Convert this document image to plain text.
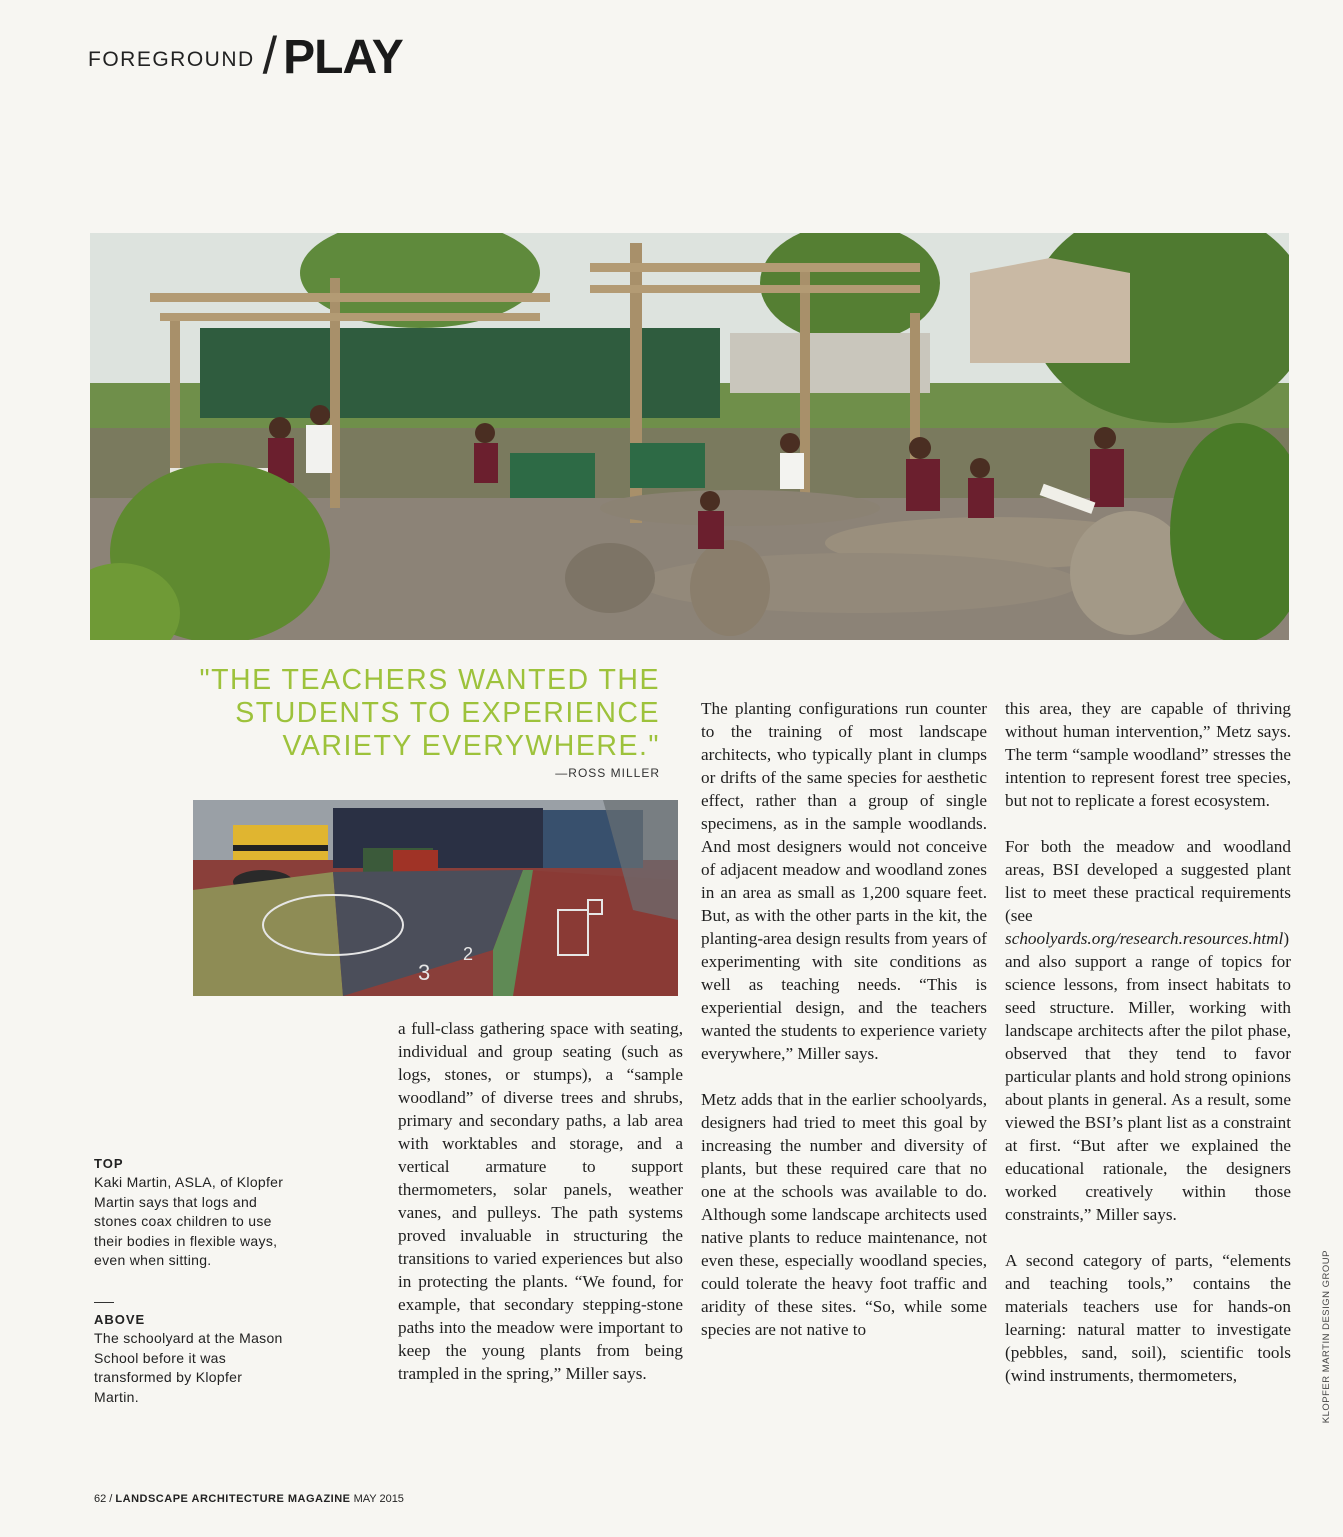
FOREGROUND / PLAY
"THE TEACHERS WANTED THE STUDENTS TO EXPERIENCE VARIETY EVERYWHERE."
—ROSS MILLER
3
2
TOP
Kaki Martin, ASLA, of Klopfer Martin says that logs and stones coax children to use their bodies in flexible ways, even when sitting.
ABOVE
The schoolyard at the Mason School before it was transformed by Klopfer Martin.

a full-class gathering space with seating, individual and group seating (such as logs, stones, or stumps), a “sample woodland” of diverse trees and shrubs, primary and secondary paths, a lab area with worktables and storage, and a vertical armature to support thermometers, solar panels, weather vanes, and pulleys. The path systems proved invaluable in structuring the transitions to varied experiences but also in protecting the plants. “We found, for example, that secondary stepping-stone paths into the meadow were important to keep the young plants from being trampled in the spring,” Miller says.

The planting configurations run counter to the training of most landscape architects, who typically plant in clumps or drifts of the same species for aesthetic effect, rather than a group of single specimens, as in the sample woodlands. And most designers would not conceive of adjacent meadow and woodland zones in an area as small as 1,200 square feet. But, as with the other parts in the kit, the planting-area design results from years of experimenting with site conditions as well as teaching needs. “This is experiential design, and the teachers wanted the students to experience variety everywhere,” Miller says.

Metz adds that in the earlier schoolyards, designers had tried to meet this goal by increasing the number and diversity of plants, but these required care that no one at the schools was available to do. Although some landscape architects used native plants to reduce maintenance, not even these, especially woodland species, could tolerate the heavy foot traffic and aridity of these sites. “So, while some species are not native to

this area, they are capable of thriving without human intervention,” Metz says. The term “sample woodland” stresses the intention to represent forest tree species, but not to replicate a forest ecosystem.

For both the meadow and woodland areas, BSI developed a suggested plant list to meet these practical requirements (see schoolyards.org/research.resources.html) and also support a range of topics for science lessons, from insect habitats to seed structure. Miller, working with landscape architects after the pilot phase, observed that they tend to favor particular plants and hold strong opinions about plants in general. As a result, some viewed the BSI’s plant list as a constraint at first. “But after we explained the educational rationale, the designers worked creatively within those constraints,” Miller says.

A second category of parts, “elements and teaching tools,” contains the materials teachers use for hands-on learning: natural matter to investigate (pebbles, sand, soil), scientific tools (wind instruments, thermometers,	KLOPFER MARTIN DESIGN GROUP
62 / LANDSCAPE ARCHITECTURE MAGAZINE MAY 2015
